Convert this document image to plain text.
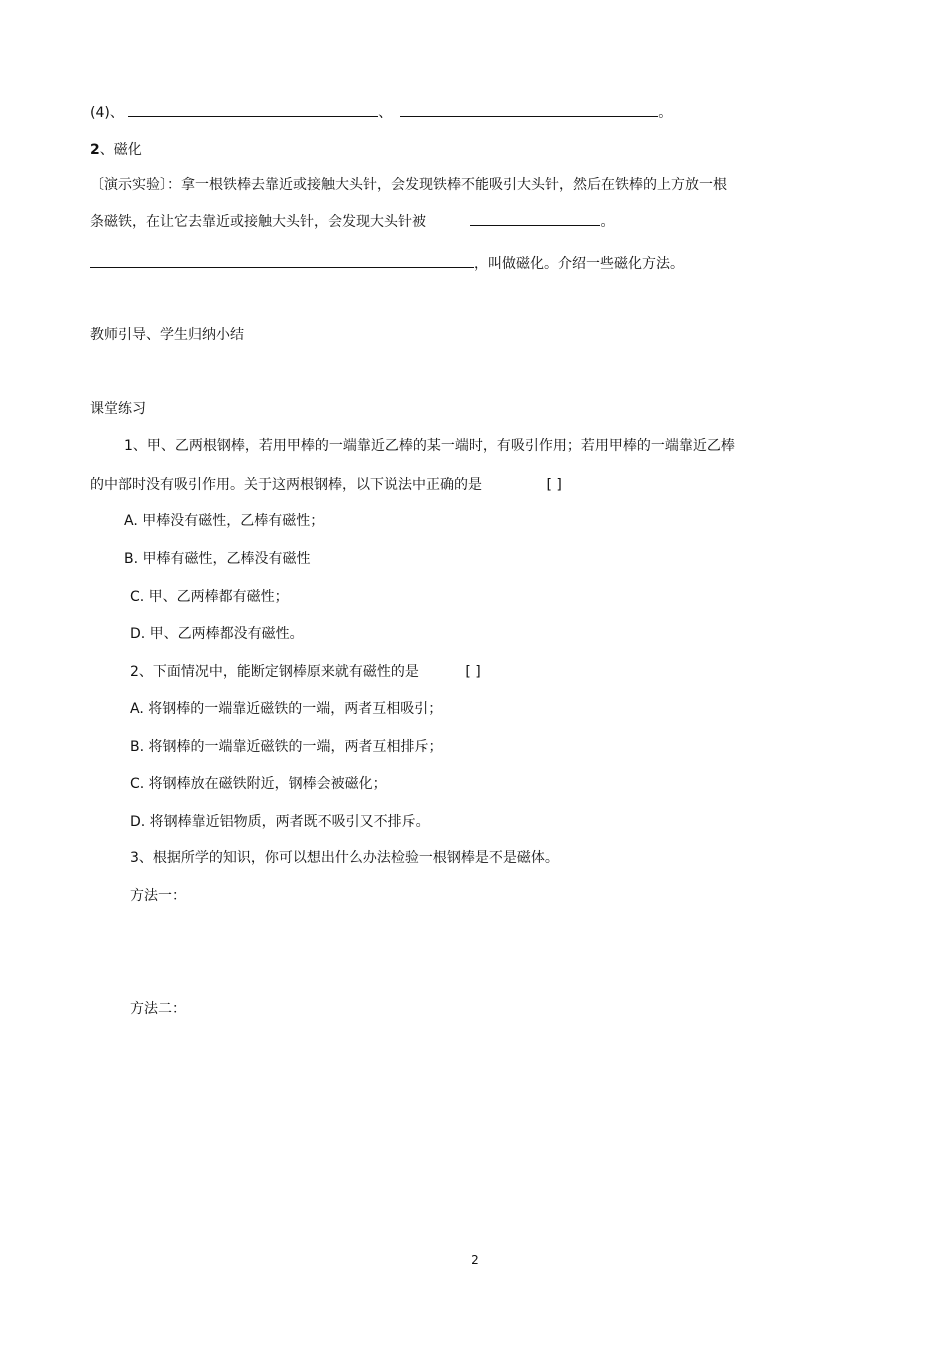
(4)、	、	。
2、磁化
〔演示实验〕：拿一根铁棒去靠近或接触大头针，会发现铁棒不能吸引大头针，然后在铁棒的上方放一根
条磁铁，在让它去靠近或接触大头针，会发现大头针被	。
，叫做磁化。介绍一些磁化方法。
教师引导、学生归纳小结
课堂练习
1、甲、乙两根钢棒，若用甲棒的一端靠近乙棒的某一端时，有吸引作用；若用甲棒的一端靠近乙棒
的中部时没有吸引作用。关于这两根钢棒，以下说法中正确的是	[ ]
A. 甲棒没有磁性，乙棒有磁性；
B. 甲棒有磁性，乙棒没有磁性
C. 甲、乙两棒都有磁性；
D. 甲、乙两棒都没有磁性。
2、下面情况中，能断定钢棒原来就有磁性的是	[ ]
A. 将钢棒的一端靠近磁铁的一端，两者互相吸引；
B. 将钢棒的一端靠近磁铁的一端，两者互相排斥；
C. 将钢棒放在磁铁附近，钢棒会被磁化；
D. 将钢棒靠近铝物质，两者既不吸引又不排斥。
3、根据所学的知识，你可以想出什么办法检验一根钢棒是不是磁体。
方法一：
方法二：
2
